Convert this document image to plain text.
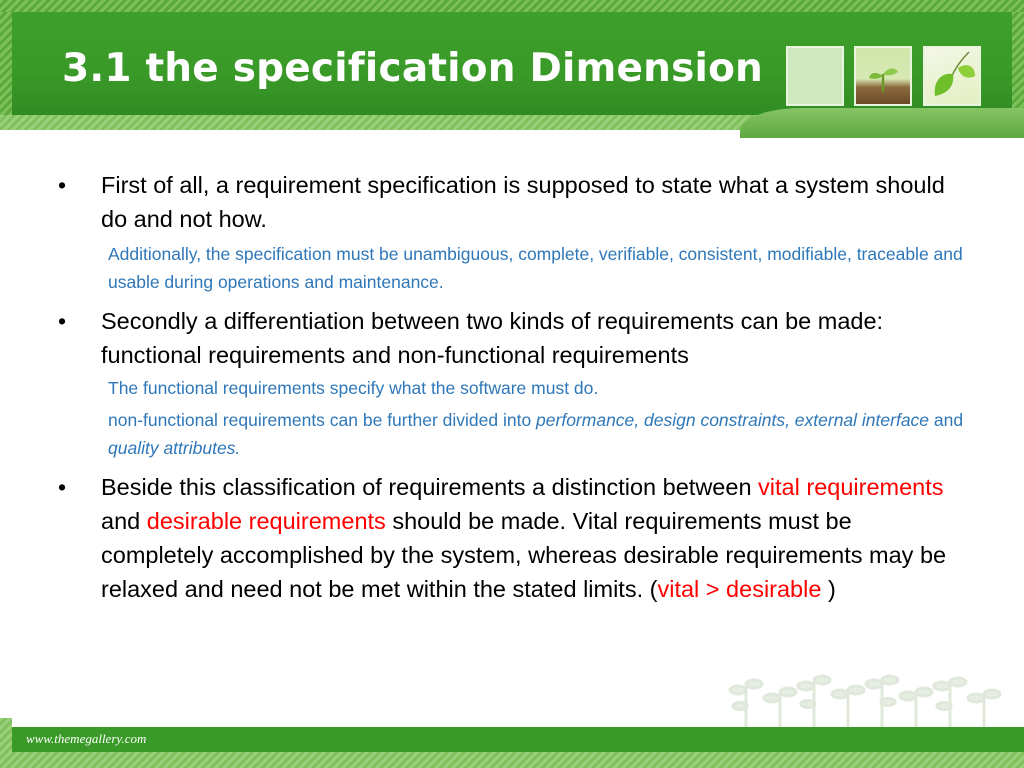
3.1 the specification Dimension
• First of all, a requirement specification is supposed to state what a system should do and not how.
Additionally, the specification must be unambiguous, complete, verifiable, consistent, modifiable, traceable and usable during operations and maintenance.
• Secondly a differentiation between two kinds of requirements can be made: functional requirements and non-functional requirements
The functional requirements specify what the software must do.
non-functional requirements can be further divided into performance, design constraints, external interface and quality attributes.
• Beside this classification of requirements a distinction between vital requirements and desirable requirements should be made. Vital requirements must be completely accomplished by the system, whereas desirable requirements may be relaxed and need not be met within the stated limits. (vital > desirable )
www.themegallery.com
